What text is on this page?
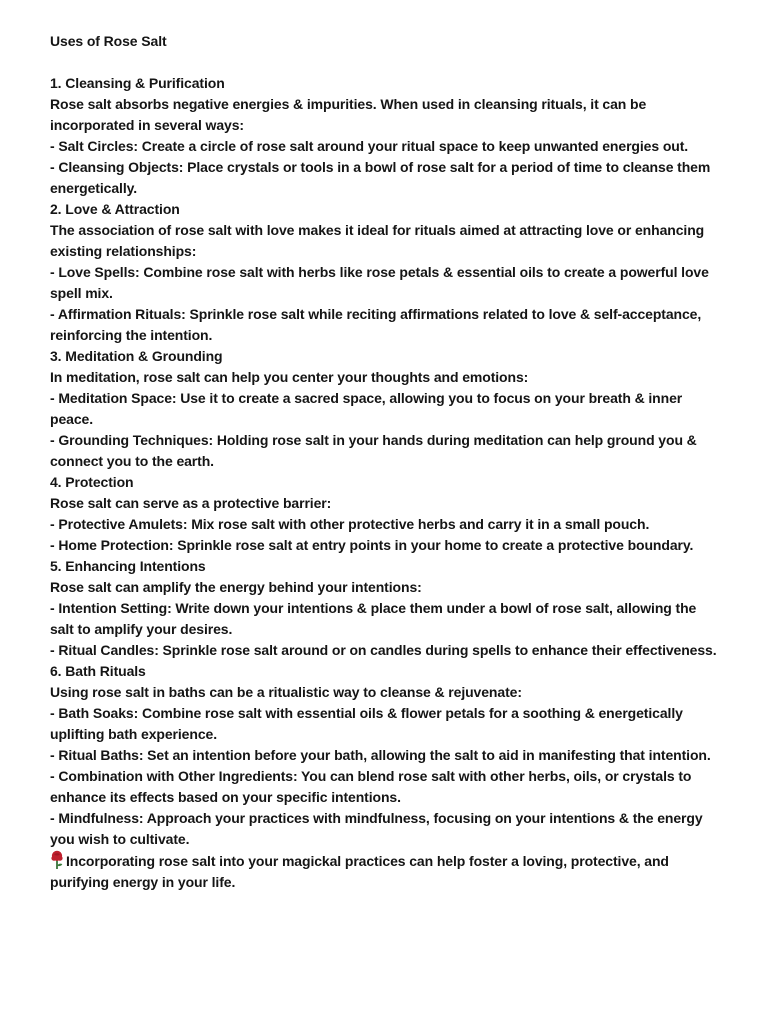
Uses of Rose Salt

1. Cleansing & Purification

Rose salt absorbs negative energies & impurities. When used in cleansing rituals, it can be incorporated in several ways:

- Salt Circles: Create a circle of rose salt around your ritual space to keep unwanted energies out.

- Cleansing Objects: Place crystals or tools in a bowl of rose salt for a period of time to cleanse them energetically.

2. Love & Attraction

The association of rose salt with love makes it ideal for rituals aimed at attracting love or enhancing existing relationships:

- Love Spells: Combine rose salt with herbs like rose petals & essential oils to create a powerful love spell mix.

- Affirmation Rituals: Sprinkle rose salt while reciting affirmations related to love & self-acceptance, reinforcing the intention.

3. Meditation & Grounding

In meditation, rose salt can help you center your thoughts and emotions:

- Meditation Space: Use it to create a sacred space, allowing you to focus on your breath & inner peace.

- Grounding Techniques: Holding rose salt in your hands during meditation can help ground you & connect you to the earth.

4. Protection

Rose salt can serve as a protective barrier:

- Protective Amulets: Mix rose salt with other protective herbs and carry it in a small pouch.

- Home Protection: Sprinkle rose salt at entry points in your home to create a protective boundary.

5. Enhancing Intentions

Rose salt can amplify the energy behind your intentions:

- Intention Setting: Write down your intentions & place them under a bowl of rose salt, allowing the salt to amplify your desires.

- Ritual Candles: Sprinkle rose salt around or on candles during spells to enhance their effectiveness.

6. Bath Rituals

Using rose salt in baths can be a ritualistic way to cleanse & rejuvenate:

- Bath Soaks: Combine rose salt with essential oils & flower petals for a soothing & energetically uplifting bath experience.

- Ritual Baths: Set an intention before your bath, allowing the salt to aid in manifesting that intention.

- Combination with Other Ingredients: You can blend rose salt with other herbs, oils, or crystals to enhance its effects based on your specific intentions.

- Mindfulness: Approach your practices with mindfulness, focusing on your intentions & the energy you wish to cultivate.

Incorporating rose salt into your magickal practices can help foster a loving, protective, and purifying energy in your life.
